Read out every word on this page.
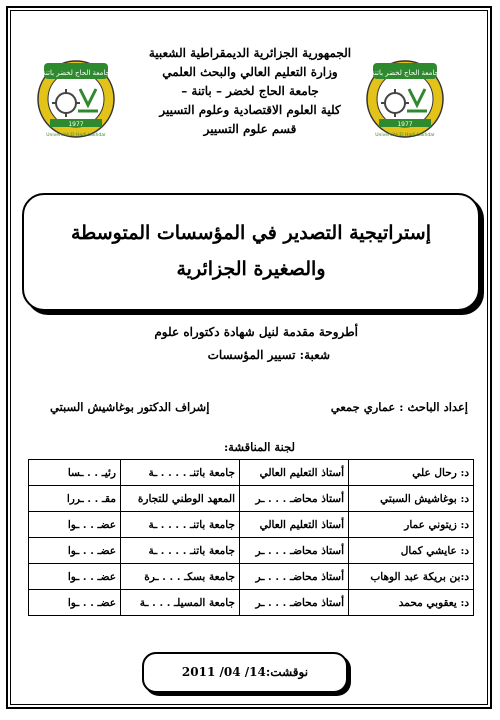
جامعة الحاج لخضر باتنة
1977
Université El Hadj Lakhdar
جامعة الحاج لخضر باتنة
1977
Université El Hadj Lakhdar
الجمهورية الجزائرية الديمقراطية الشعبية
وزارة التعليم العالي والبحث العلمي
جامعة الحاج لخضر – باتنة –
كلية العلوم الاقتصادية وعلوم التسيير
قسم علوم التسيير
إستراتيجية التصدير في المؤسسات المتوسطة والصغيرة الجزائرية
أطروحة مقدمة لنيل شهادة دكتوراه علوم
شعبة: تسيير المؤسسات
إعداد الباحث : عماري جمعي
إشراف الدكتور بوغاشيش السبتي
لجنة المناقشة:
د: رحال علي	أستاذ التعليم العالي	جامعة باتنـ . . . . ـة	رئيـ . . ـسا
د: بوغاشيش السبتي	أستاذ محاضـ . . . ـر	المعهد الوطني للتجارة	مقـ . . ـررا
د: زيتوني عمار	أستاذ التعليم العالي	جامعة باتنـ . . . . ـة	عضـ . . ـوا
د: عايشي كمال	أستاذ محاضـ . . . ـر	جامعة باتنـ . . . . ـة	عضـ . . ـوا
د:بن بريكة عبد الوهاب	أستاذ محاضـ . . . ـر	جامعة بسكـ . . . ـرة	عضـ . . ـوا
د: يعقوبي محمد	أستاذ محاضـ . . . ـر	جامعة المسيلـ . . . ـة	عضـ . . ـوا
نوقشت:14/ 04/ 2011
